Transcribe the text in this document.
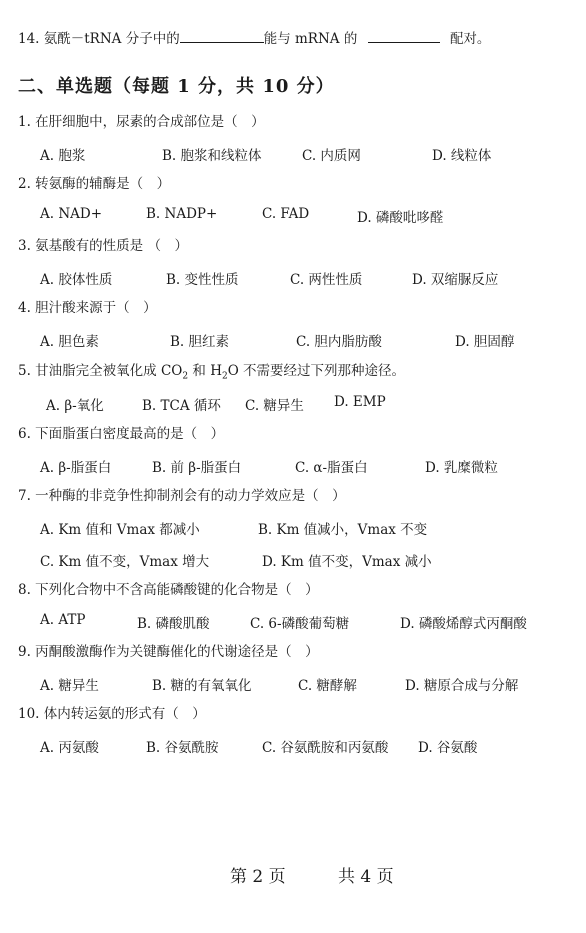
14. 氨酰－tRNA 分子中的	能与 mRNA 的	配对。
二、单选题（每题 1 分，共 10 分）
1. 在肝细胞中，尿素的合成部位是（　）
A. 胞浆	B. 胞浆和线粒体	C. 内质网	D. 线粒体
2. 转氨酶的辅酶是（　）
A. NAD+	B. NADP+	C. FAD	D. 磷酸吡哆醛
3. 氨基酸有的性质是 （　）
A. 胶体性质	B. 变性性质	C. 两性性质	D. 双缩脲反应
4. 胆汁酸来源于（　）
A. 胆色素	B. 胆红素	C. 胆内脂肪酸	D. 胆固醇
5. 甘油脂完全被氧化成 $CO_2$ 和 $H_2O$ 不需要经过下列那种途径。
A. β-氧化	B. TCA 循环 C. 糖异生 D. EMP
6. 下面脂蛋白密度最高的是（　）
A. β-脂蛋白	B. 前 β-脂蛋白	C. α-脂蛋白	D. 乳糜微粒
7. 一种酶的非竞争性抑制剂会有的动力学效应是（　）
A. Km 值和 Vmax 都减小	B. Km 值减小，Vmax 不变
C. Km 值不变，Vmax 增大	D. Km 值不变，Vmax 减小
8. 下列化合物中不含高能磷酸键的化合物是（　）
A. ATP	B. 磷酸肌酸	C. 6-磷酸葡萄糖	D. 磷酸烯醇式丙酮酸
9. 丙酮酸激酶作为关键酶催化的代谢途径是（　）
A. 糖异生	B. 糖的有氧氧化	C. 糖酵解	D. 糖原合成与分解
10. 体内转运氨的形式有（　）
A. 丙氨酸	B. 谷氨酰胺	C. 谷氨酰胺和丙氨酸 D. 谷氨酸
第 2 页	共 4 页
